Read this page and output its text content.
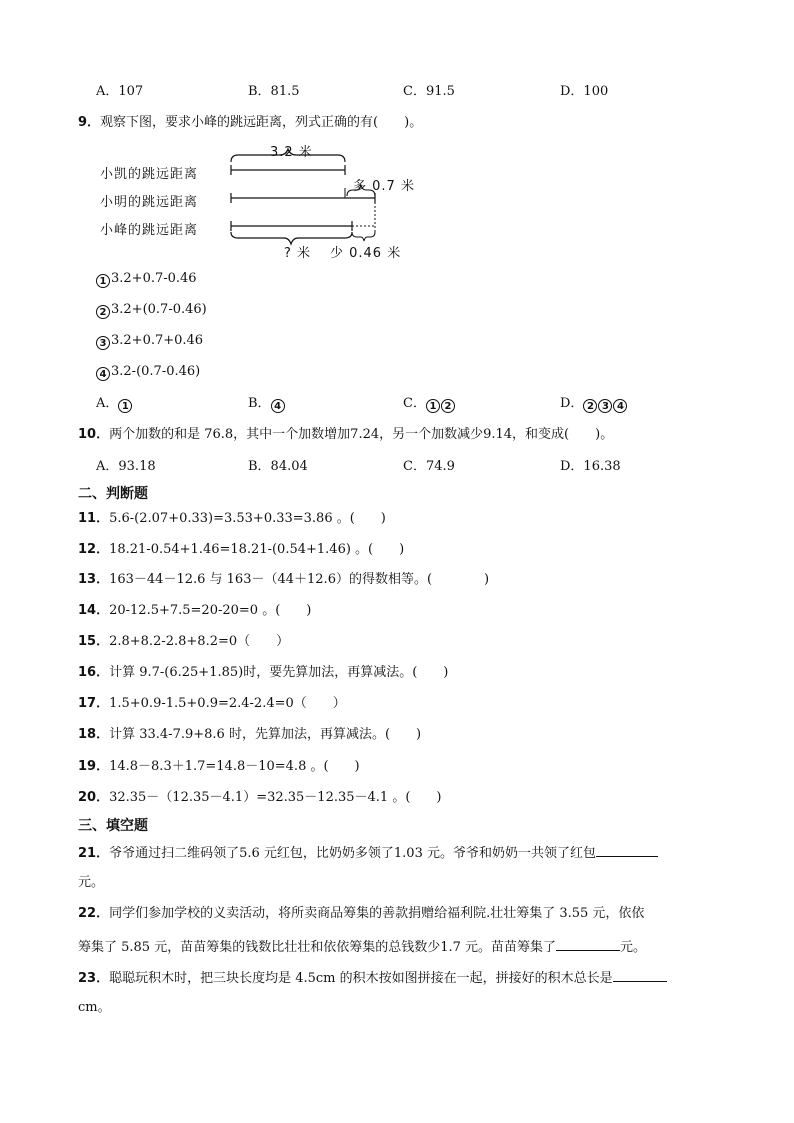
A．107	B．81.5	C．91.5	D．100
9．观察下图，要求小峰的跳远距离，列式正确的有(　　)。
小凯的跳远距离
小明的跳远距离
小峰的跳远距离
3.2 米
多 0.7 米
? 米 少 0.46 米
1 3.2+0.7-0.46
2 3.2+(0.7-0.46)
3 3.2+0.7+0.46
4 3.2-(0.7-0.46)
A． 1	B． 4	C． 1 2	D． 2 3 4
10．两个加数的和是 76.8，其中一个加数增加7.24，另一个加数减少9.14，和变成(　　)。
A．93.18	B．84.04	C．74.9	D．16.38
二、判断题
11．5.6-(2.07+0.33)=3.53+0.33=3.86 。(　　)
12．18.21-0.54+1.46=18.21-(0.54+1.46) 。(　　)
13．163－44－12.6 与 163－（44＋12.6）的得数相等。(　　　　)
14．20-12.5+7.5=20-20=0 。(　　)
15．2.8+8.2-2.8+8.2=0（　　）
16．计算 9.7-(6.25+1.85)时，要先算加法，再算减法。(　　)
17．1.5+0.9-1.5+0.9=2.4-2.4=0（　　）
18．计算 33.4-7.9+8.6 时，先算加法，再算减法。(　　)
19．14.8－8.3＋1.7=14.8－10=4.8 。(　　)
20．32.35－（12.35－4.1）=32.35－12.35－4.1 。(　　)
三、填空题
21．爷爷通过扫二维码领了5.6 元红包，比奶奶多领了1.03 元。爷爷和奶奶一共领了红包
元。
22．同学们参加学校的义卖活动，将所卖商品筹集的善款捐赠给福利院.壮壮筹集了 3.55 元，依依
筹集了 5.85 元，苗苗筹集的钱数比壮壮和依依筹集的总钱数少1.7 元。苗苗筹集了	元。
23．聪聪玩积木时，把三块长度均是 4.5cm 的积木按如图拼接在一起，拼接好的积木总长是
cm。
